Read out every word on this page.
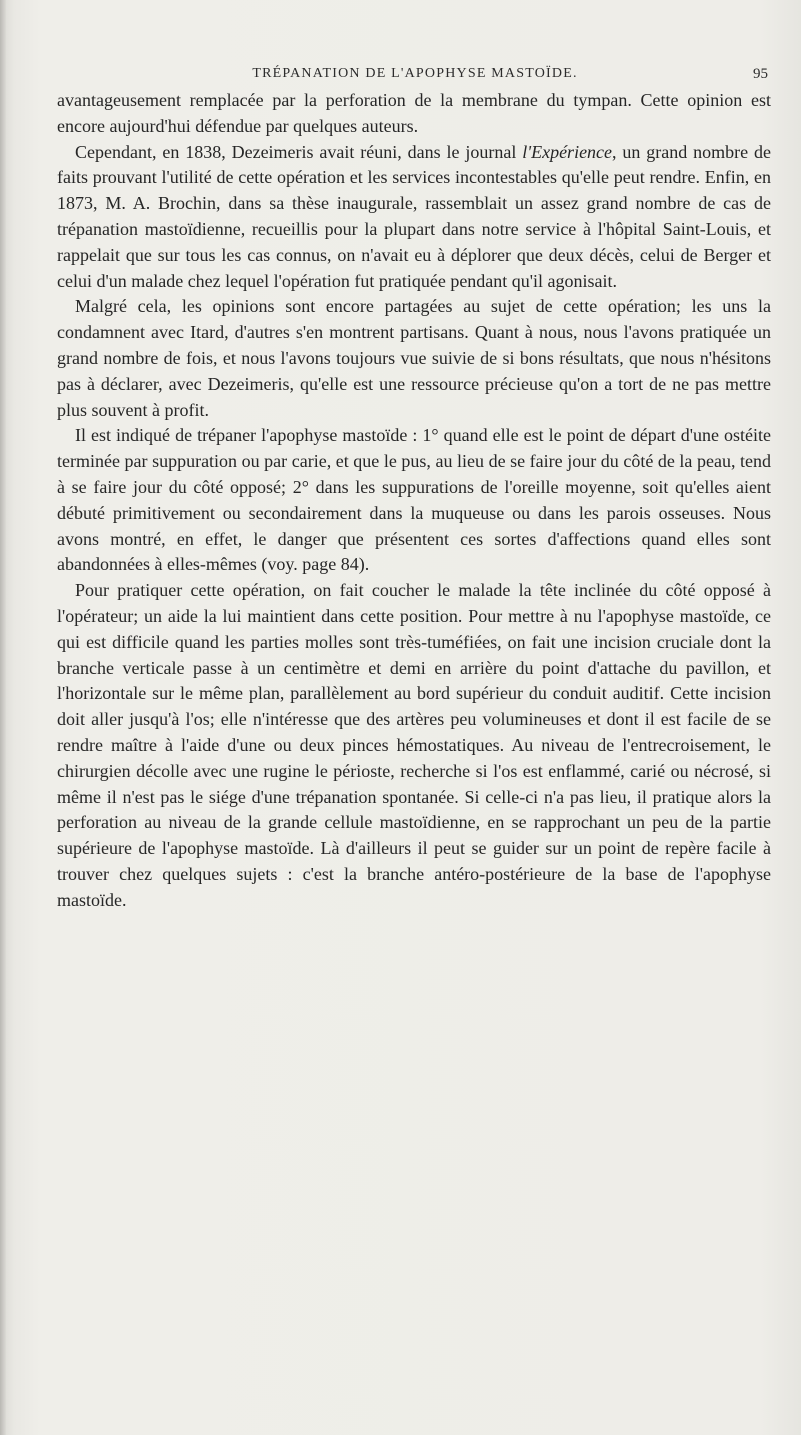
TRÉPANATION DE L'APOPHYSE MASTOÏDE.	95

avantageusement remplacée par la perforation de la membrane du tympan. Cette opinion est encore aujourd'hui défendue par quelques auteurs.

Cependant, en 1838, Dezeimeris avait réuni, dans le journal l'Expérience, un grand nombre de faits prouvant l'utilité de cette opération et les services incontestables qu'elle peut rendre. Enfin, en 1873, M. A. Brochin, dans sa thèse inaugurale, rassemblait un assez grand nombre de cas de trépanation mastoïdienne, recueillis pour la plupart dans notre service à l'hôpital Saint-Louis, et rappelait que sur tous les cas connus, on n'avait eu à déplorer que deux décès, celui de Berger et celui d'un malade chez lequel l'opération fut pratiquée pendant qu'il agonisait.

Malgré cela, les opinions sont encore partagées au sujet de cette opération; les uns la condamnent avec Itard, d'autres s'en montrent partisans. Quant à nous, nous l'avons pratiquée un grand nombre de fois, et nous l'avons toujours vue suivie de si bons résultats, que nous n'hésitons pas à déclarer, avec Dezeimeris, qu'elle est une ressource précieuse qu'on a tort de ne pas mettre plus souvent à profit.

Il est indiqué de trépaner l'apophyse mastoïde : 1° quand elle est le point de départ d'une ostéite terminée par suppuration ou par carie, et que le pus, au lieu de se faire jour du côté de la peau, tend à se faire jour du côté opposé; 2° dans les suppurations de l'oreille moyenne, soit qu'elles aient débuté primitivement ou secondairement dans la muqueuse ou dans les parois osseuses. Nous avons montré, en effet, le danger que présentent ces sortes d'affections quand elles sont abandonnées à elles-mêmes (voy. page 84).

Pour pratiquer cette opération, on fait coucher le malade la tête inclinée du côté opposé à l'opérateur; un aide la lui maintient dans cette position. Pour mettre à nu l'apophyse mastoïde, ce qui est difficile quand les parties molles sont très-tuméfiées, on fait une incision cruciale dont la branche verticale passe à un centimètre et demi en arrière du point d'attache du pavillon, et l'horizontale sur le même plan, parallèlement au bord supérieur du conduit auditif. Cette incision doit aller jusqu'à l'os; elle n'intéresse que des artères peu volumineuses et dont il est facile de se rendre maître à l'aide d'une ou deux pinces hémostatiques. Au niveau de l'entrecroisement, le chirurgien décolle avec une rugine le périoste, recherche si l'os est enflammé, carié ou nécrosé, si même il n'est pas le siége d'une trépanation spontanée. Si celle-ci n'a pas lieu, il pratique alors la perforation au niveau de la grande cellule mastoïdienne, en se rapprochant un peu de la partie supérieure de l'apophyse mastoïde. Là d'ailleurs il peut se guider sur un point de repère facile à trouver chez quelques sujets : c'est la branche antéro-postérieure de la base de l'apophyse mastoïde.
